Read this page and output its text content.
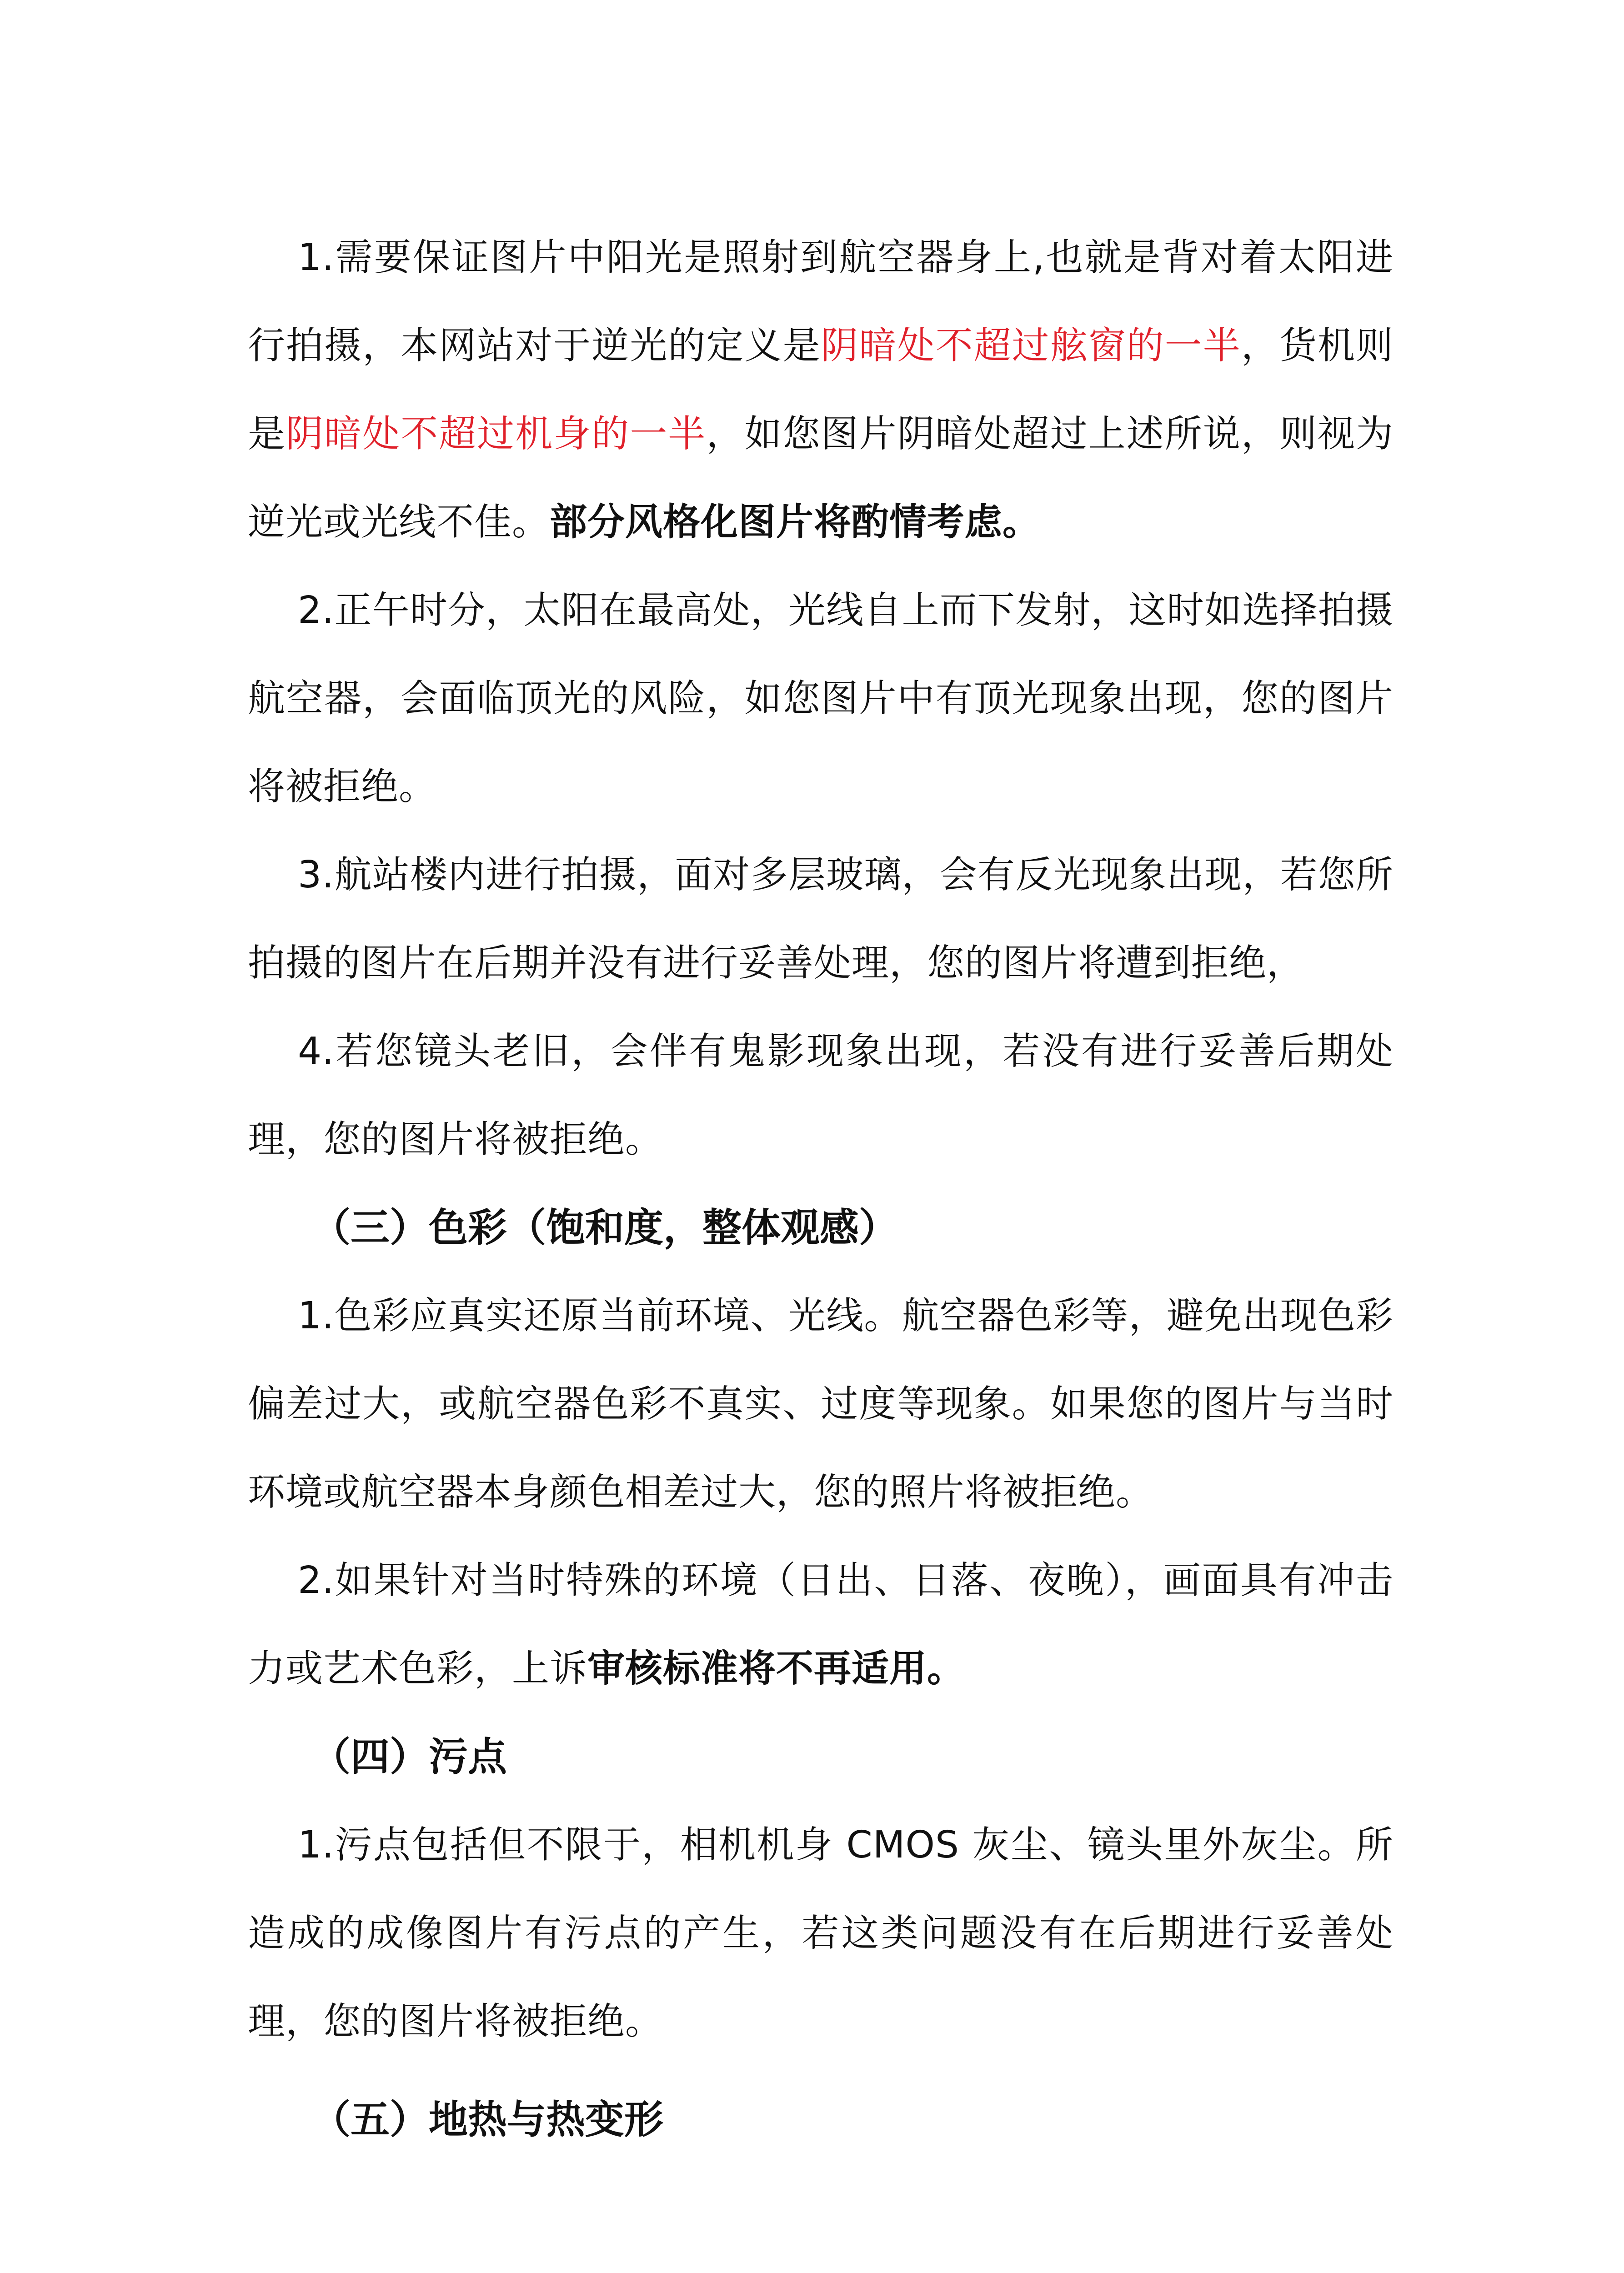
1.需要保证图片中阳光是照射到航空器身上,也就是背对着太阳进行拍摄，本网站对于逆光的定义是阴暗处不超过舷窗的一半，货机则是阴暗处不超过机身的一半，如您图片阴暗处超过上述所说，则视为逆光或光线不佳。部分风格化图片将酌情考虑。

2.正午时分，太阳在最高处，光线自上而下发射，这时如选择拍摄航空器，会面临顶光的风险，如您图片中有顶光现象出现，您的图片将被拒绝。

3.航站楼内进行拍摄，面对多层玻璃，会有反光现象出现，若您所拍摄的图片在后期并没有进行妥善处理，您的图片将遭到拒绝，

4.若您镜头老旧，会伴有鬼影现象出现，若没有进行妥善后期处理，您的图片将被拒绝。

（三）色彩（饱和度，整体观感）

1.色彩应真实还原当前环境、光线。航空器色彩等，避免出现色彩偏差过大，或航空器色彩不真实、过度等现象。如果您的图片与当时环境或航空器本身颜色相差过大，您的照片将被拒绝。

2.如果针对当时特殊的环境（日出、日落、夜晚），画面具有冲击力或艺术色彩，上诉审核标准将不再适用。

（四）污点

1.污点包括但不限于，相机机身 CMOS 灰尘、镜头里外灰尘。所造成的成像图片有污点的产生，若这类问题没有在后期进行妥善处理，您的图片将被拒绝。

（五）地热与热变形
